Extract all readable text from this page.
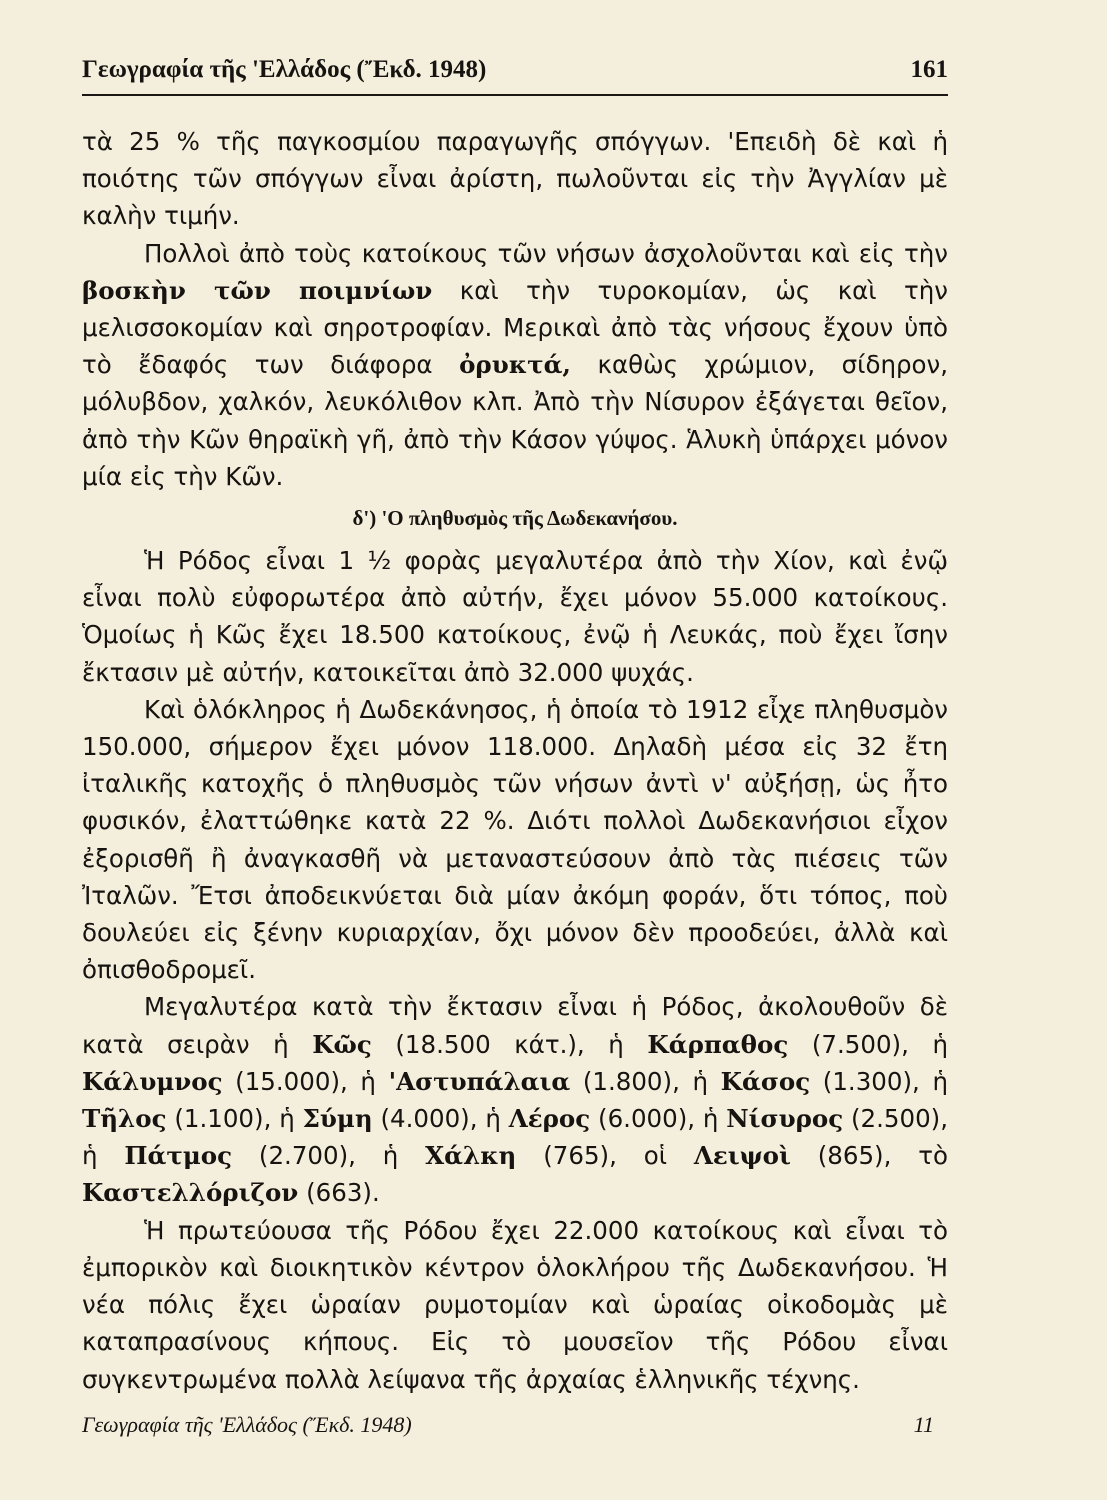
Γεωγραφία τῆς 'Ελλάδος (Ἔκδ. 1948)	161

τὰ 25 % τῆς παγκοσμίου παραγωγῆς σπόγγων. 'Επειδὴ δὲ καὶ ἡ ποιότης τῶν σπόγγων εἶναι ἀρίστη, πωλοῦνται εἰς τὴν Ἀγγλίαν μὲ καλὴν τιμήν.

Πολλοὶ ἀπὸ τοὺς κατοίκους τῶν νήσων ἀσχολοῦνται καὶ εἰς τὴν βοσκὴν τῶν ποιμνίων καὶ τὴν τυροκομίαν, ὡς καὶ τὴν μελισσοκομίαν καὶ σηροτροφίαν. Μερικαὶ ἀπὸ τὰς νήσους ἔχουν ὑπὸ τὸ ἔδαφός των διάφορα ὀρυκτά, καθὼς χρώμιον, σίδηρον, μόλυβδον, χαλκόν, λευκόλιθον κλπ. Ἀπὸ τὴν Νίσυρον ἐξάγεται θεῖον, ἀπὸ τὴν Κῶν θηραϊκὴ γῆ, ἀπὸ τὴν Κάσον γύψος. Ἁλυκὴ ὑπάρχει μόνον μία εἰς τὴν Κῶν.

δ') 'Ο πληθυσμὸς τῆς Δωδεκανήσου.

Ἡ Ρόδος εἶναι 1 ½ φορὰς μεγαλυτέρα ἀπὸ τὴν Χίον, καὶ ἐνῷ εἶναι πολὺ εὐφορωτέρα ἀπὸ αὐτήν, ἔχει μόνον 55.000 κατοίκους. Ὁμοίως ἡ Κῶς ἔχει 18.500 κατοίκους, ἐνῷ ἡ Λευκάς, ποὺ ἔχει ἴσην ἔκτασιν μὲ αὐτήν, κατοικεῖται ἀπὸ 32.000 ψυχάς.

Καὶ ὁλόκληρος ἡ Δωδεκάνησος, ἡ ὁποία τὸ 1912 εἶχε πληθυσμὸν 150.000, σήμερον ἔχει μόνον 118.000. Δηλαδὴ μέσα εἰς 32 ἔτη ἰταλικῆς κατοχῆς ὁ πληθυσμὸς τῶν νήσων ἀντὶ ν' αὐξήσῃ, ὡς ἦτο φυσικόν, ἐλαττώθηκε κατὰ 22 %. Διότι πολλοὶ Δωδεκανήσιοι εἶχον ἐξορισθῆ ἢ ἀναγκασθῆ νὰ μεταναστεύσουν ἀπὸ τὰς πιέσεις τῶν Ἰταλῶν. Ἔτσι ἀποδεικνύεται διὰ μίαν ἀκόμη φοράν, ὅτι τόπος, ποὺ δουλεύει εἰς ξένην κυριαρχίαν, ὄχι μόνον δὲν προοδεύει, ἀλλὰ καὶ ὀπισθοδρομεῖ.

Μεγαλυτέρα κατὰ τὴν ἔκτασιν εἶναι ἡ Ρόδος, ἀκολουθοῦν δὲ κατὰ σειρὰν ἡ Κῶς (18.500 κάτ.), ἡ Κάρπαθος (7.500), ἡ Κάλυμνος (15.000), ἡ 'Αστυπάλαια (1.800), ἡ Κάσος (1.300), ἡ Τῆλος (1.100), ἡ Σύμη (4.000), ἡ Λέρος (6.000), ἡ Νίσυρος (2.500), ἡ Πάτμος (2.700), ἡ Χάλκη (765), οἱ Λειψοὶ (865), τὸ Καστελλόριζον (663).

Ἡ πρωτεύουσα τῆς Ρόδου ἔχει 22.000 κατοίκους καὶ εἶναι τὸ ἐμπορικὸν καὶ διοικητικὸν κέντρον ὁλοκλήρου τῆς Δωδεκανήσου. Ἡ νέα πόλις ἔχει ὡραίαν ρυμοτομίαν καὶ ὡραίας οἰκοδομὰς μὲ καταπρασίνους κήπους. Εἰς τὸ μουσεῖον τῆς Ρόδου εἶναι συγκεντρωμένα πολλὰ λείψανα τῆς ἀρχαίας ἑλληνικῆς τέχνης.

Γεωγραφία τῆς 'Ελλάδος (Ἔκδ. 1948)	11
